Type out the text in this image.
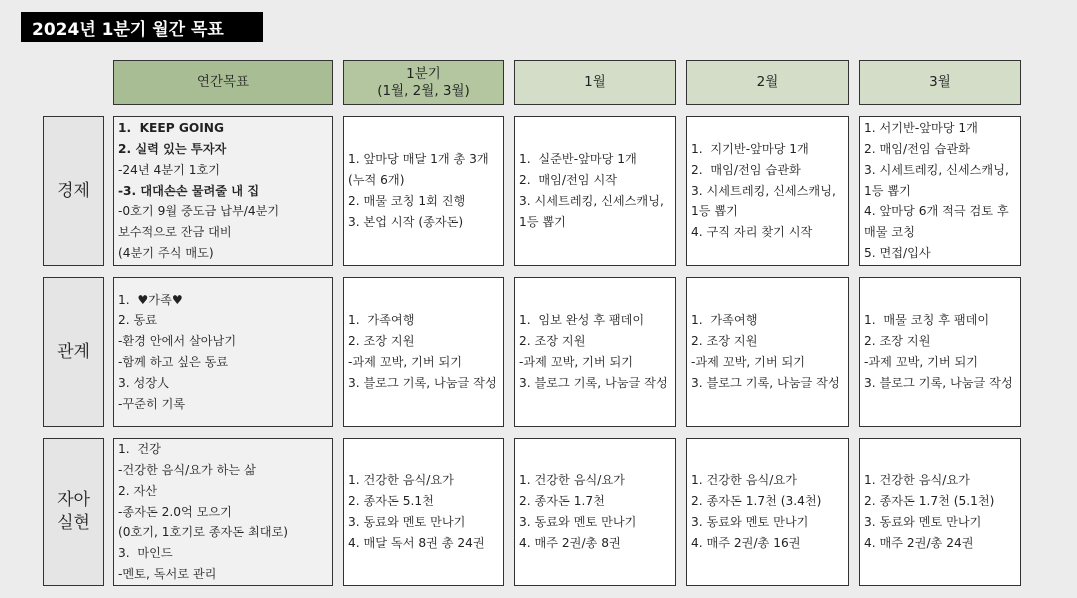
2024년 1분기 월간 목표
연간목표
1분기
(1월, 2월, 3월)
1월	2월	3월
경제
관계
자아
실현
1.  KEEP GOING
2. 실력 있는 투자자
-24년 4분기 1호기
-3. 대대손손 물려줄 내 집
-0호기 9월 중도금 납부/4분기 보수적으로 잔금 대비
(4분기 주식 매도)
1. 앞마당 매달 1개 총 3개 (누적 6개)
2. 매물 코칭 1회 진행
3. 본업 시작 (종자돈)
1.  실준반-앞마당 1개
2.  매임/전임 시작
3. 시세트레킹, 신세스캐닝, 1등 뽑기
1.  지기반-앞마당 1개
2.  매임/전임 습관화
3. 시세트레킹, 신세스캐닝, 1등 뽑기
4. 구직 자리 찾기 시작
1. 서기반-앞마당 1개
2. 매임/전임 습관화
3. 시세트레킹, 신세스캐닝, 1등 뽑기
4. 앞마당 6개 적극 검토 후 매물 코칭
5. 면접/입사
1.  ♥가족♥
2. 동료
-환경 안에서 살아남기
-함께 하고 싶은 동료
3. 성장人
-꾸준히 기록
1.  가족여행
2. 조장 지원
-과제 꼬박, 기버 되기
3. 블로그 기록, 나눔글 작성
1.  임보 완성 후 팸데이
2. 조장 지원
-과제 꼬박, 기버 되기
3. 블로그 기록, 나눔글 작성
1.  가족여행
2. 조장 지원
-과제 꼬박, 기버 되기
3. 블로그 기록, 나눔글 작성
1.  매물 코칭 후 팸데이
2. 조장 지원
-과제 꼬박, 기버 되기
3. 블로그 기록, 나눔글 작성
1.  건강
-건강한 음식/요가 하는 삶
2. 자산
-종자돈 2.0억 모으기
(0호기, 1호기로 종자돈 최대로)
3.  마인드
-멘토, 독서로 관리
1. 건강한 음식/요가
2. 종자돈 5.1천
3. 동료와 멘토 만나기
4. 매달 독서 8권 총 24권
1. 건강한 음식/요가
2. 종자돈 1.7천
3. 동료와 멘토 만나기
4. 매주 2권/총 8권
1. 건강한 음식/요가
2. 종자돈 1.7천 (3.4천)
3. 동료와 멘토 만나기
4. 매주 2권/총 16권
1. 건강한 음식/요가
2. 종자돈 1.7천 (5.1천)
3. 동료와 멘토 만나기
4. 매주 2권/총 24권
